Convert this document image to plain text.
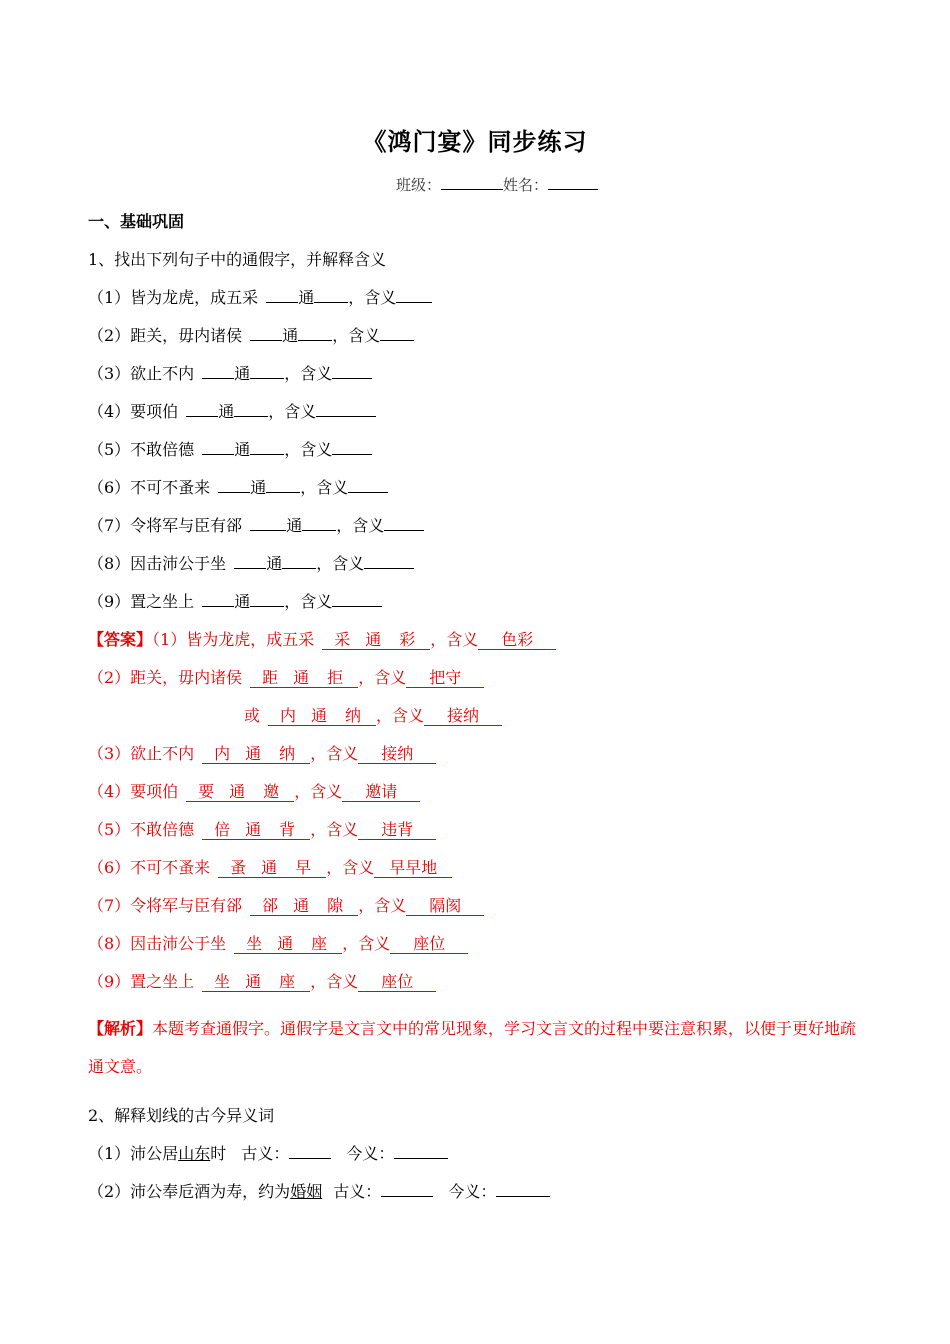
《鸿门宴》同步练习
班级：	姓名：
一、基础巩固
1、找出下列句子中的通假字，并解释含义
（1）皆为龙虎，成五采	通 ，含义
（2）距关，毋内诸侯	通 ，含义
（3）欲止不内	通 ，含义
（4）要项伯	通 ，含义
（5）不敢倍德	通 ，含义
（6）不可不蚤来	通 ，含义
（7）令将军与臣有郤	通 ，含义
（8）因击沛公于坐	通 ，含义
（9）置之坐上	通 ，含义
【答案】（1）皆为龙虎，成五采 采 通 彩 ，含义 色彩
（2）距关，毋内诸侯 距 通 拒 ，含义 把守
或 内 通 纳 ，含义 接纳
（3）欲止不内 内 通 纳 ，含义 接纳
（4）要项伯 要 通 邀 ，含义 邀请
（5）不敢倍德 倍 通 背 ，含义 违背
（6）不可不蚤来 蚤 通 早 ，含义 早早地
（7）令将军与臣有郤 郤 通 隙 ，含义 隔阂
（8）因击沛公于坐 坐 通 座 ，含义 座位
（9）置之坐上 坐 通 座 ，含义 座位
【解析】本题考查通假字。通假字是文言文中的常见现象，学习文言文的过程中要注意积累，以便于更好地疏通文意。
2、解释划线的古今异义词
（1）沛公居山东时 古义：	今义：
（2）沛公奉卮酒为寿，约为婚姻 古义：	今义：
